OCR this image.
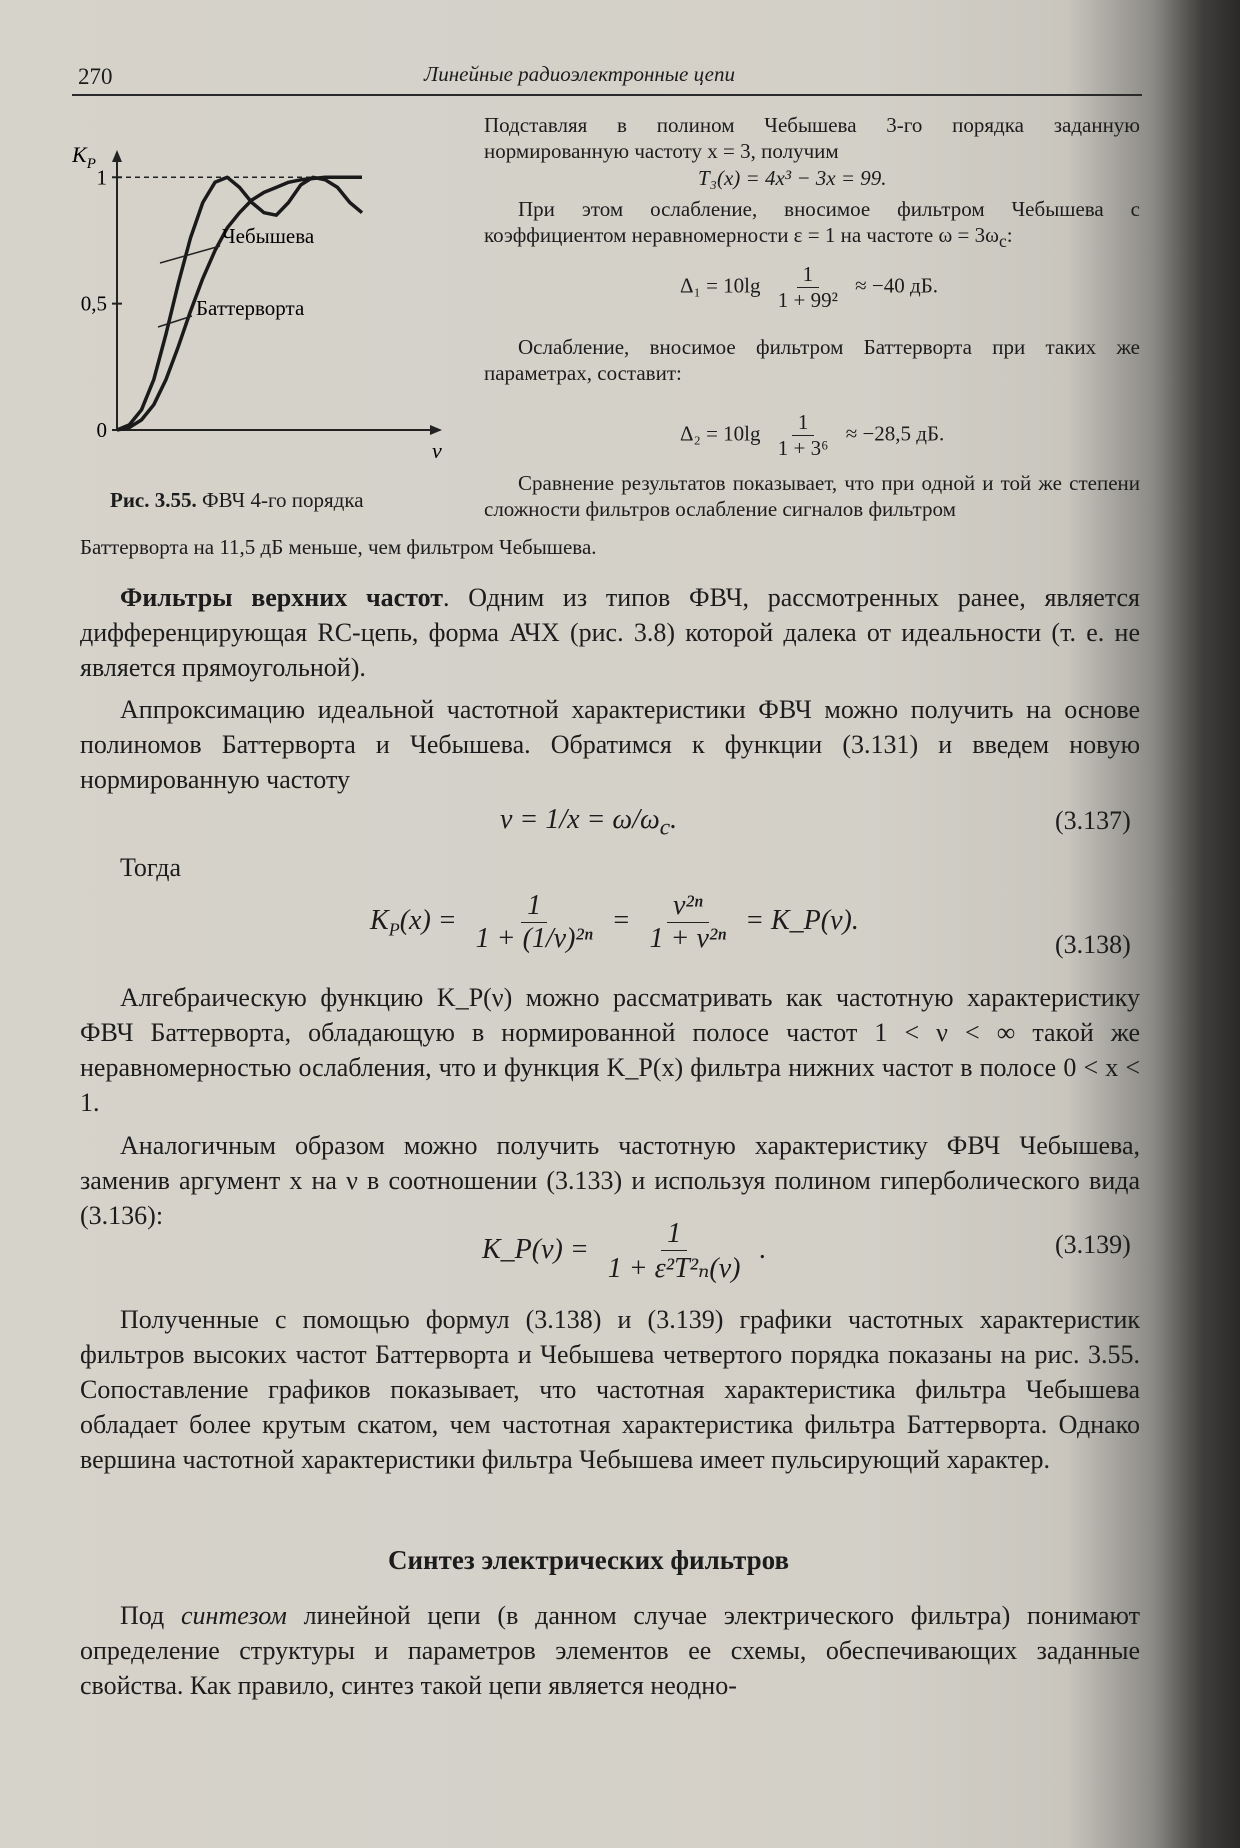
270	Линейные радиоэлектронные цепи
0
0,5
1
$K_P$
ν
Чебышева
Баттерворта
Рис. 3.55. ФВЧ 4-го порядка
Баттерворта на 11,5 дБ меньше, чем фильтром Чебышева.
Подставляя в полином Чебышева 3-го порядка заданную нормированную частоту x = 3, получим
T₃(x) = 4x³ − 3x = 99.
При этом ослабление, вносимое фильтром Чебышева с коэффициентом неравномерности ε = 1 на частоте $\omega = 3\omega_c$:
$\Delta_1 = 10\lg \frac{1}{\text{1 + 99²}} \approx -40$ дБ.
Ослабление, вносимое фильтром Баттерворта при таких же параметрах, составит:
$\Delta_2 = 10\lg \frac{1}{\text{1 + 3⁶}} \approx -28,5$ дБ.
Сравнение результатов показывает, что при одной и той же степени сложности фильтров ослабление сигналов фильтром
Фильтры верхних частот. Одним из типов ФВЧ, рассмотренных ранее, является дифференцирующая RC-цепь, форма АЧХ (рис. 3.8) которой далека от идеальности (т. е. не является прямоугольной).
Аппроксимацию идеальной частотной характеристики ФВЧ можно получить на основе полиномов Баттерворта и Чебышева. Обратимся к функции (3.131) и введем новую нормированную частоту
$\nu = 1/x = \omega/\omega_c$.	(3.137)
Тогда
$K_P(x) = \frac{1}{\text{1 + (1/ν)²ⁿ}} = \frac{\text{ν²ⁿ}}{\text{1 + ν²ⁿ}}$ = K_P(ν).
(3.138)
Алгебраическую функцию K_P(ν) можно рассматривать как частотную характеристику ФВЧ Баттерворта, обладающую в нормированной полосе частот 1 < ν < ∞ такой же неравномерностью ослабления, что и функция K_P(x) фильтра нижних частот в полосе 0 < x < 1.
Аналогичным образом можно получить частотную характеристику ФВЧ Чебышева, заменив аргумент x на ν в соотношении (3.133) и используя полином гиперболического вида (3.136):
K_P(ν) = $\frac{1}{\text{1 + ε²T²ₙ(ν)}}$ .	(3.139)
Полученные с помощью формул (3.138) и (3.139) графики частотных характеристик фильтров высоких частот Баттерворта и Чебышева четвертого порядка показаны на рис. 3.55. Сопоставление графиков показывает, что частотная характеристика фильтра Чебышева обладает более крутым скатом, чем частотная характеристика фильтра Баттерворта. Однако вершина частотной характеристики фильтра Чебышева имеет пульсирующий характер.
Синтез электрических фильтров
Под синтезом линейной цепи (в данном случае электрического фильтра) понимают определение структуры и параметров элементов ее схемы, обеспечивающих заданные свойства. Как правило, синтез такой цепи является неодно-
